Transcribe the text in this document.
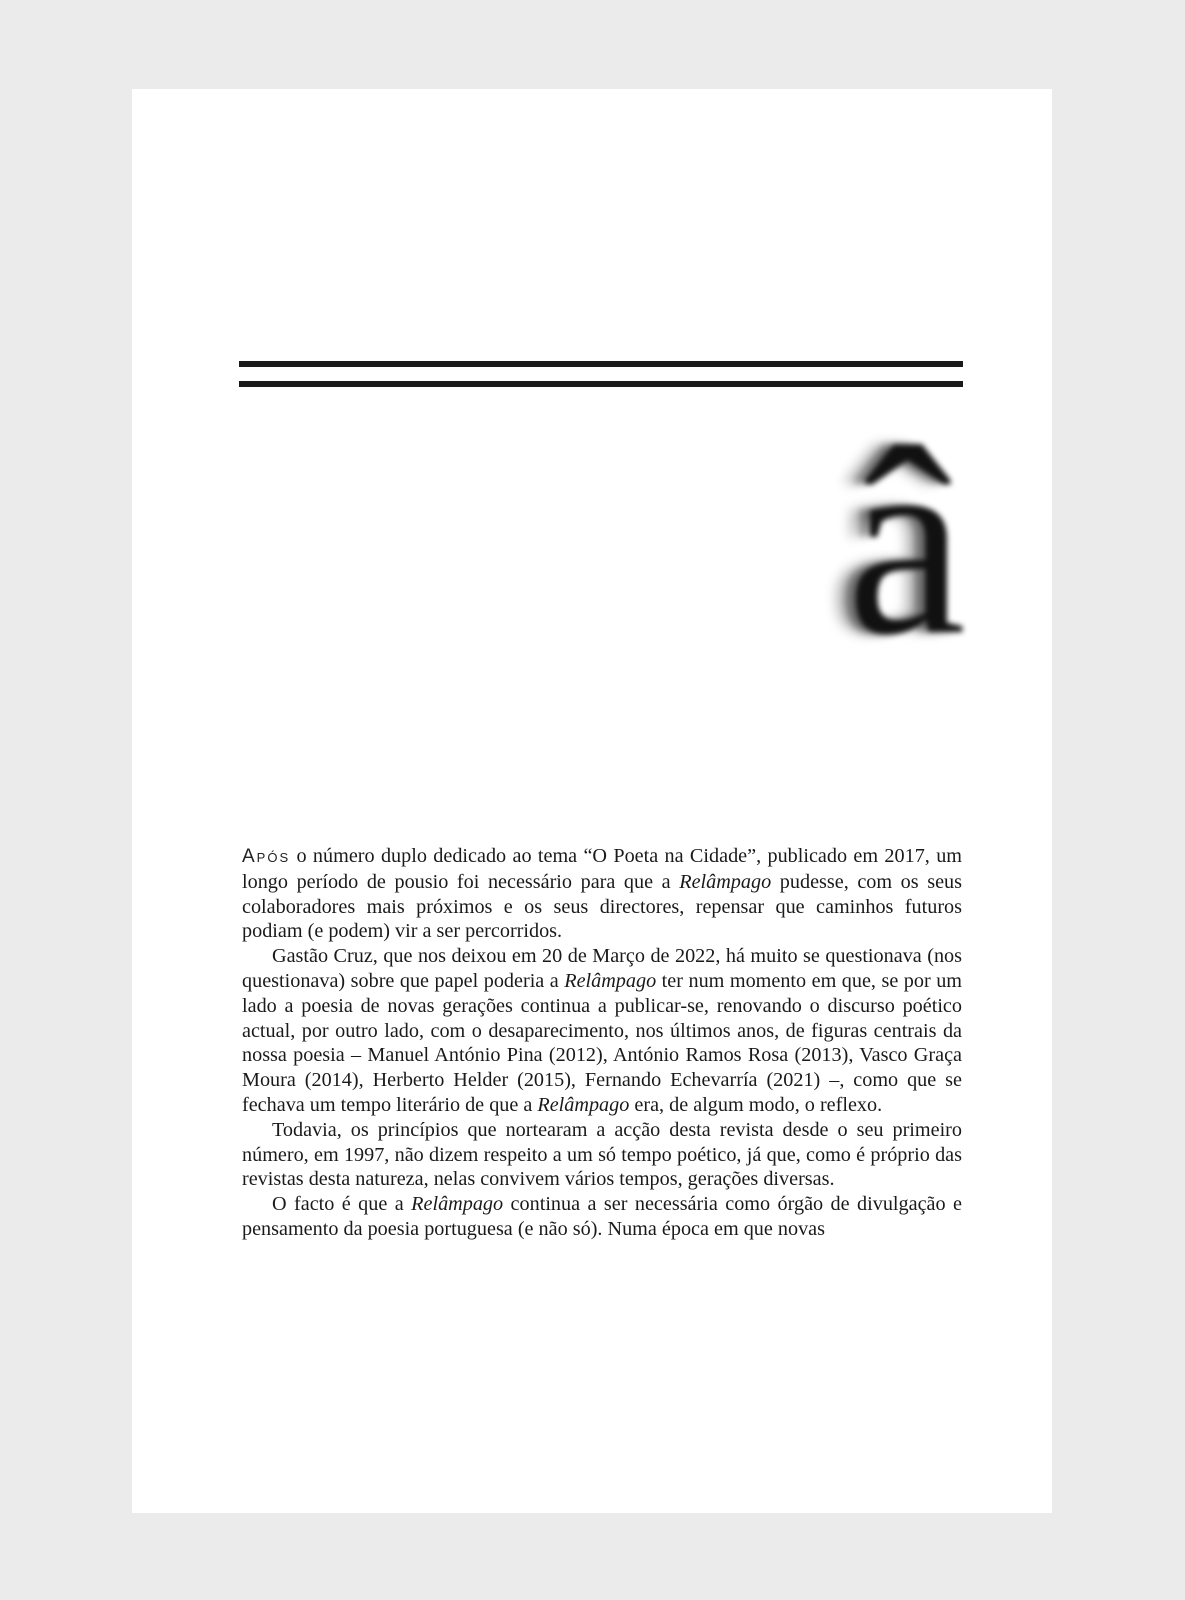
â

Após o número duplo dedicado ao tema “O Poeta na Cidade”, publicado em 2017, um longo período de pousio foi necessário para que a Relâmpago pudesse, com os seus colaboradores mais próximos e os seus directores, repensar que caminhos futuros podiam (e podem) vir a ser percorridos.

Gastão Cruz, que nos deixou em 20 de Março de 2022, há muito se questionava (nos questionava) sobre que papel poderia a Relâmpago ter num momento em que, se por um lado a poesia de novas gerações continua a publicar-se, renovando o discurso poético actual, por outro lado, com o desaparecimento, nos últimos anos, de figuras centrais da nossa poesia – Manuel António Pina (2012), António Ramos Rosa (2013), Vasco Graça Moura (2014), Herberto Helder (2015), Fernando Echevarría (2021) –, como que se fechava um tempo literário de que a Relâmpago era, de algum modo, o reflexo.

Todavia, os princípios que nortearam a acção desta revista desde o seu primeiro número, em 1997, não dizem respeito a um só tempo poético, já que, como é próprio das revistas desta natureza, nelas convivem vários tempos, gerações diversas.

O facto é que a Relâmpago continua a ser necessária como órgão de divulgação e pensamento da poesia portuguesa (e não só). Numa época em que novas
